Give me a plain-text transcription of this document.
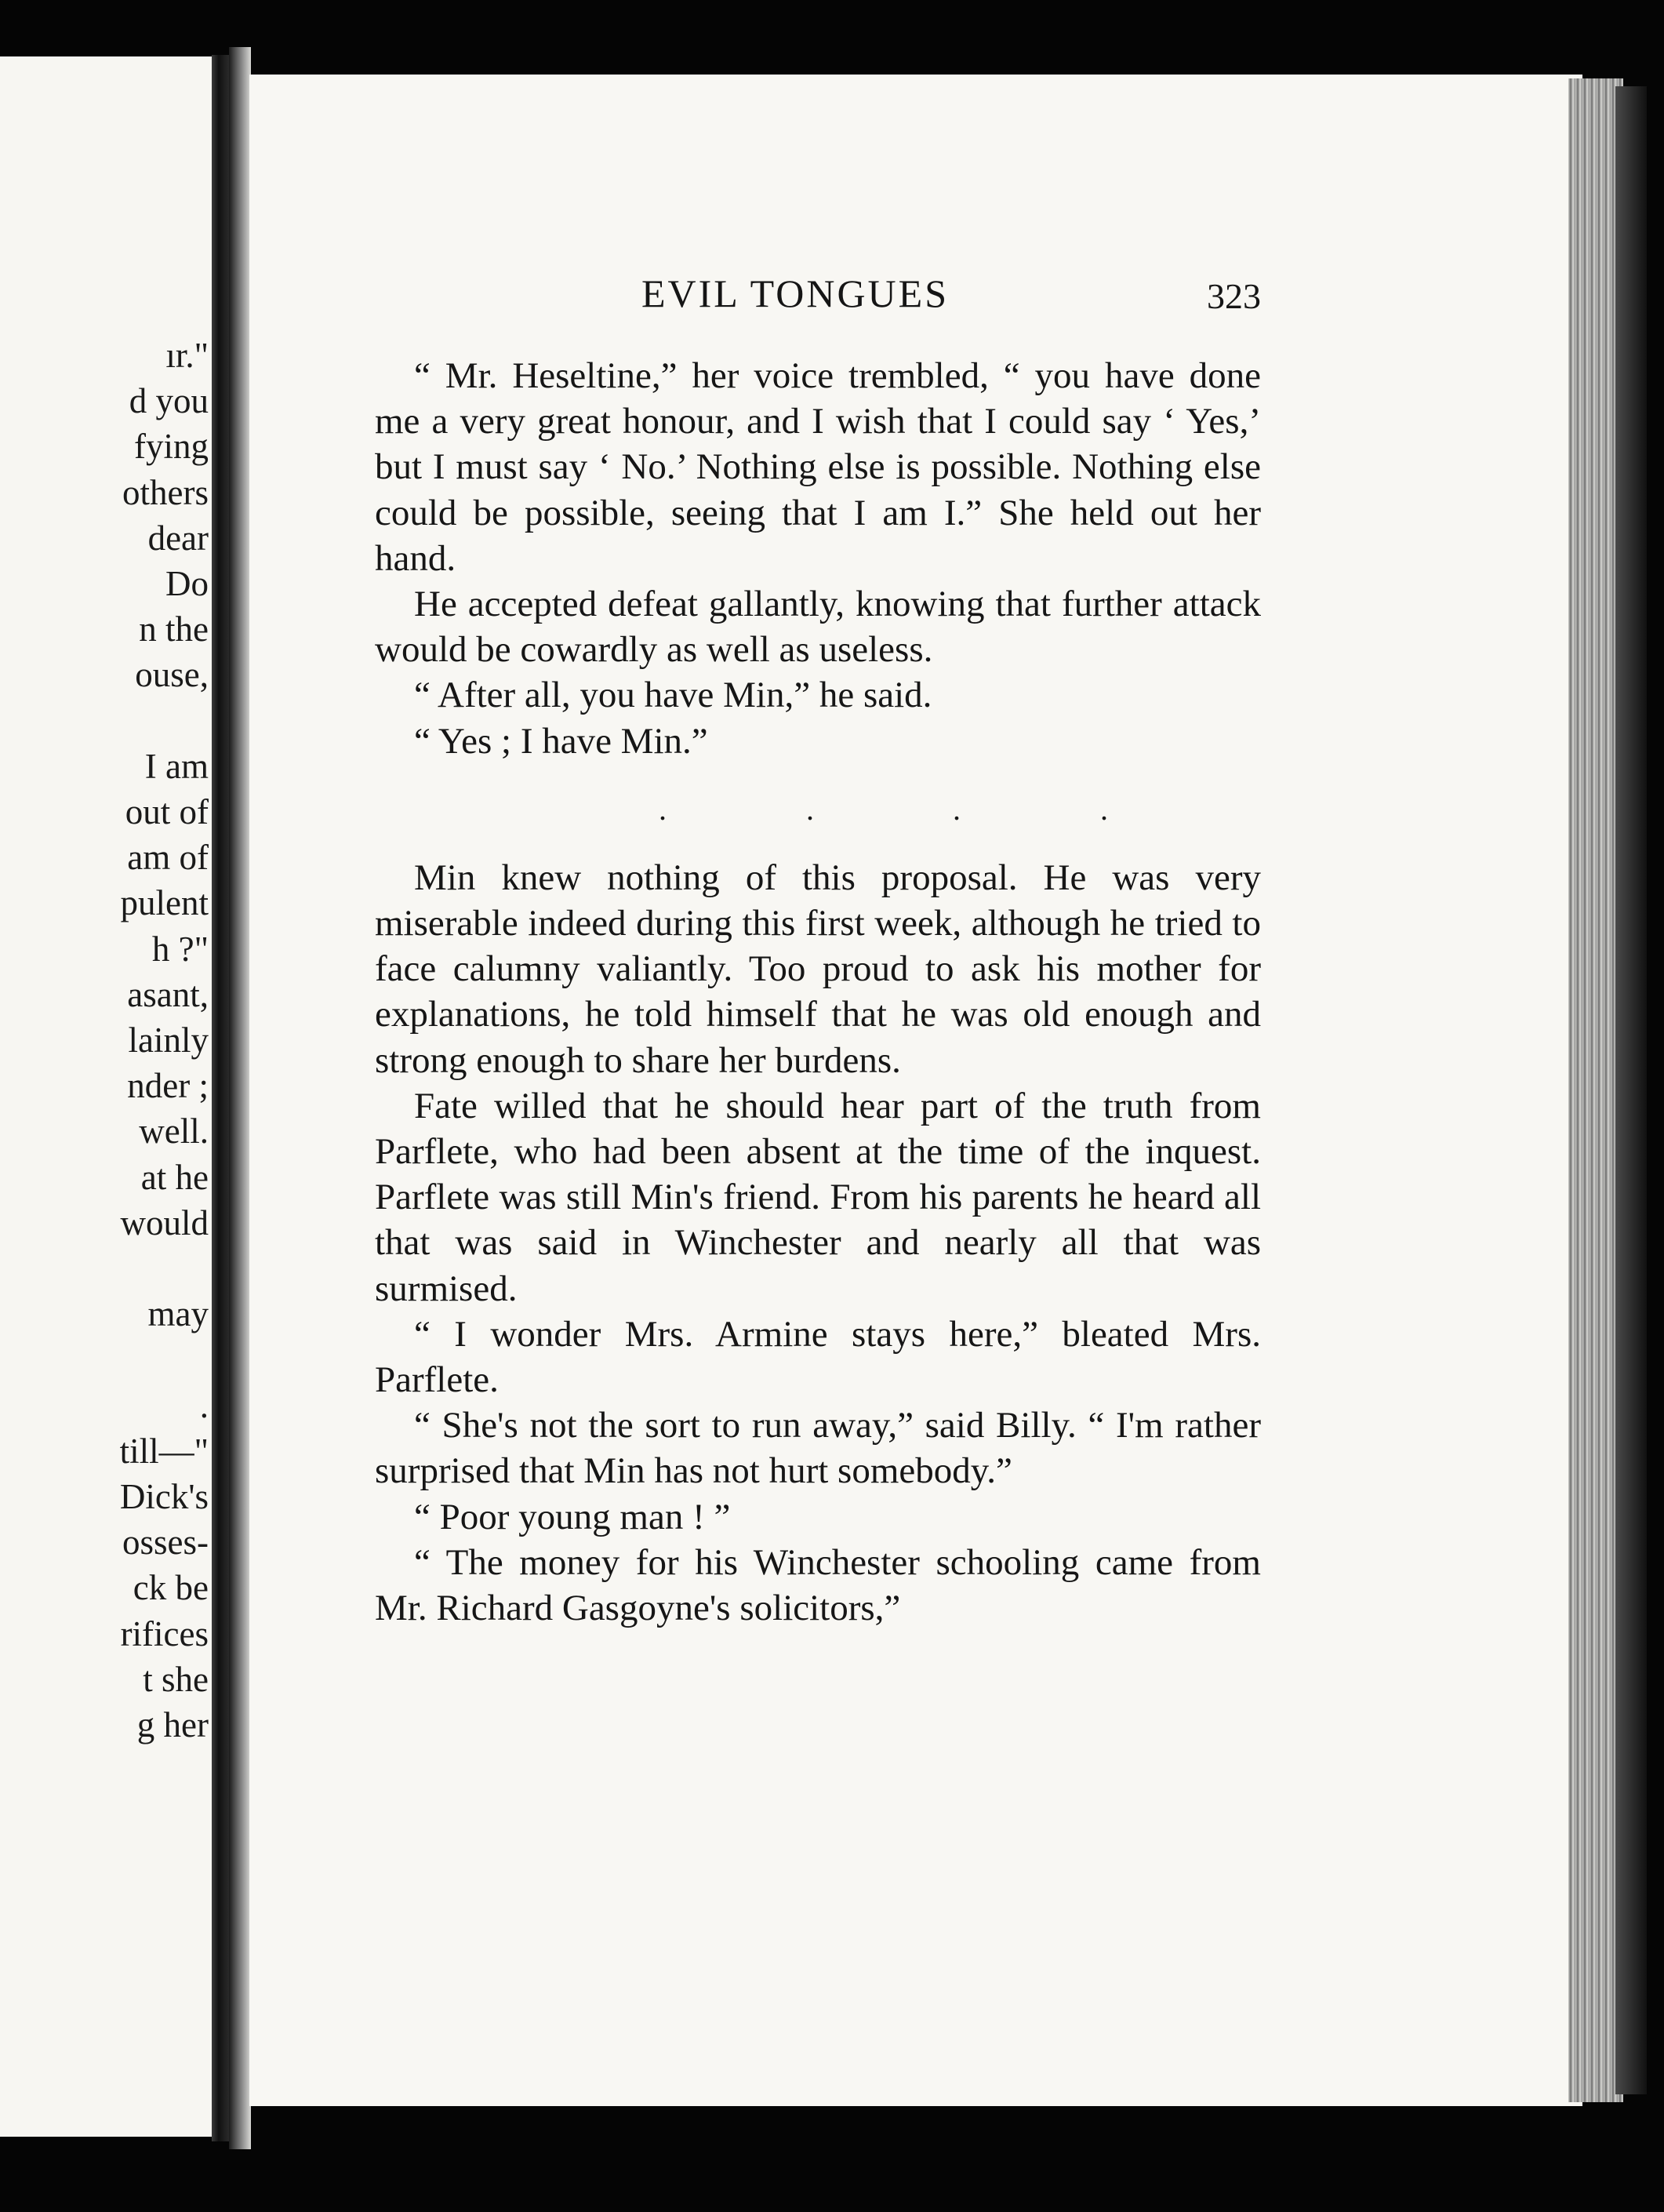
ır."
d you
fying
others
dear
Do
n the
ouse,
I am
out of
am of
pulent
h ?"
asant,
lainly
nder ;
well.
at he
would
may
.
till—"
Dick's
osses-
ck be
rifices
t she
g her
EVIL TONGUES	323

“ Mr. Heseltine,” her voice trembled, “ you have done me a very great honour, and I wish that I could say ‘ Yes,’ but I must say ‘ No.’ Nothing else is possible. Nothing else could be possible, seeing that I am I.” She held out her hand.

He accepted defeat gallantly, knowing that further attack would be cowardly as well as useless.

“ After all, you have Min,” he said.

“ Yes ; I have Min.”

.	.	.	.

Min knew nothing of this proposal. He was very miserable indeed during this first week, although he tried to face calumny valiantly. Too proud to ask his mother for explanations, he told himself that he was old enough and strong enough to share her burdens.

Fate willed that he should hear part of the truth from Parflete, who had been absent at the time of the inquest. Parflete was still Min's friend. From his parents he heard all that was said in Winchester and nearly all that was surmised.

“ I wonder Mrs. Armine stays here,” bleated Mrs. Parflete.

“ She's not the sort to run away,” said Billy. “ I'm rather surprised that Min has not hurt somebody.”

“ Poor young man ! ”

“ The money for his Winchester schooling came from Mr. Richard Gasgoyne's solicitors,”
